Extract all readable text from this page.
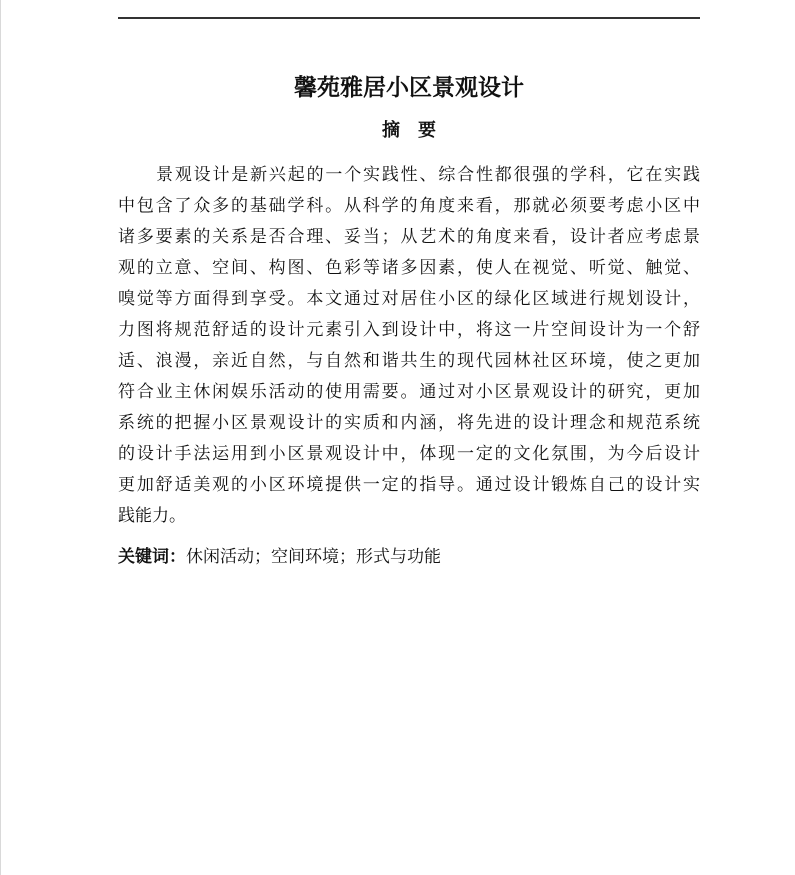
馨苑雅居小区景观设计
摘要
景观设计是新兴起的一个实践性、综合性都很强的学科，它在实践
中包含了众多的基础学科。从科学的角度来看，那就必须要考虑小区中
诸多要素的关系是否合理、妥当；从艺术的角度来看，设计者应考虑景
观的立意、空间、构图、色彩等诸多因素，使人在视觉、听觉、触觉、
嗅觉等方面得到享受。本文通过对居住小区的绿化区域进行规划设计，
力图将规范舒适的设计元素引入到设计中，将这一片空间设计为一个舒
适、浪漫，亲近自然，与自然和谐共生的现代园林社区环境，使之更加
符合业主休闲娱乐活动的使用需要。通过对小区景观设计的研究，更加
系统的把握小区景观设计的实质和内涵，将先进的设计理念和规范系统
的设计手法运用到小区景观设计中，体现一定的文化氛围，为今后设计
更加舒适美观的小区环境提供一定的指导。通过设计锻炼自己的设计实
践能力。
关键词：休闲活动；空间环境；形式与功能
